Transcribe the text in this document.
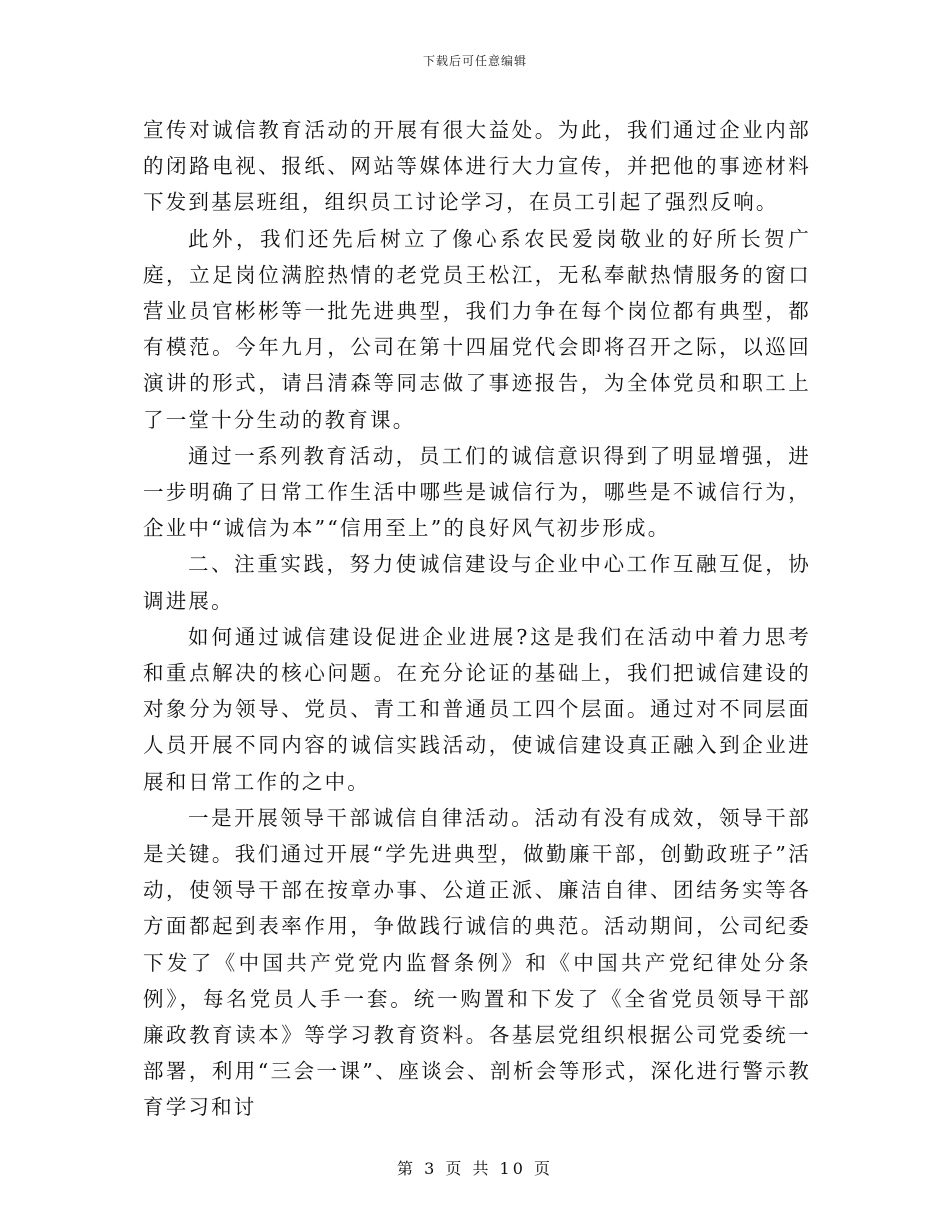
下载后可任意编辑

宣传对诚信教育活动的开展有很大益处。为此，我们通过企业内部的闭路电视、报纸、网站等媒体进行大力宣传，并把他的事迹材料下发到基层班组，组织员工讨论学习，在员工引起了强烈反响。

此外，我们还先后树立了像心系农民爱岗敬业的好所长贺广庭，立足岗位满腔热情的老党员王松江，无私奉献热情服务的窗口营业员官彬彬等一批先进典型，我们力争在每个岗位都有典型，都有模范。今年九月，公司在第十四届党代会即将召开之际，以巡回演讲的形式，请吕清森等同志做了事迹报告，为全体党员和职工上了一堂十分生动的教育课。

通过一系列教育活动，员工们的诚信意识得到了明显增强，进一步明确了日常工作生活中哪些是诚信行为，哪些是不诚信行为，企业中“诚信为本”“信用至上”的良好风气初步形成。

二、注重实践，努力使诚信建设与企业中心工作互融互促，协调进展。

如何通过诚信建设促进企业进展?这是我们在活动中着力思考和重点解决的核心问题。在充分论证的基础上，我们把诚信建设的对象分为领导、党员、青工和普通员工四个层面。通过对不同层面人员开展不同内容的诚信实践活动，使诚信建设真正融入到企业进展和日常工作的之中。

一是开展领导干部诚信自律活动。活动有没有成效，领导干部是关键。我们通过开展“学先进典型，做勤廉干部，创勤政班子”活动，使领导干部在按章办事、公道正派、廉洁自律、团结务实等各方面都起到表率作用，争做践行诚信的典范。活动期间，公司纪委下发了《中国共产党党内监督条例》和《中国共产党纪律处分条例》，每名党员人手一套。统一购置和下发了《全省党员领导干部廉政教育读本》等学习教育资料。各基层党组织根据公司党委统一部署，利用“三会一课”、座谈会、剖析会等形式，深化进行警示教育学习和讨

第 3 页 共 10 页
